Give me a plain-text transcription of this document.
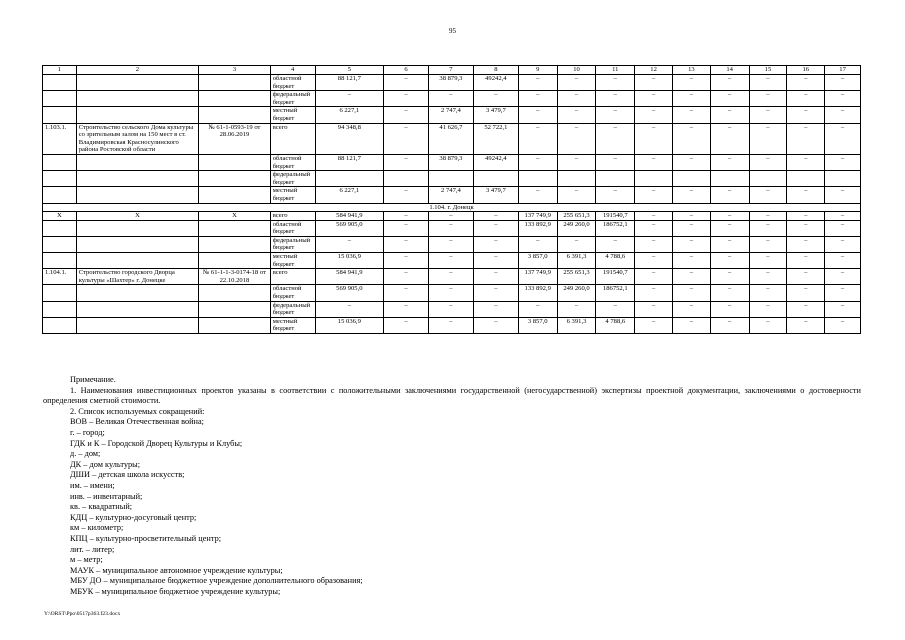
95
1	2	3	4	5	6	7	8	9	10	11	12	13	14	15	16	17
			областной бюджет	88 121,7	–	38 879,3	49242,4	–	–	–	–	–	–	–	–	–
			федеральный бюджет	–	–	–	–	–	–	–	–	–	–	–	–	–
			местный бюджет	6 227,1	–	2 747,4	3 479,7	–	–	–	–	–	–	–	–	–
1.103.1.	Строительство сельского Дома культуры со зрительным залом на 150 мест в ст. Владимировская Красносулинского района Ростовской области	№ 61-1-0593-19 от 28.06.2019	всего	94 348,8	–	41 626,7	52 722,1	–	–	–	–	–	–	–	–	–
			областной бюджет	88 121,7	–	38 879,3	49242,4	–	–	–	–	–	–	–	–	–
			федеральный бюджет													
			местный бюджет	6 227,1	–	2 747,4	3 479,7	–	–	–	–	–	–	–	–	–
1.104. г. Донецк																
Х	Х	Х	всего	584 941,9	–	–	–	137 749,9	255 651,3	191540,7	–	–	–	–	–	–
			областной бюджет	569 905,0	–	–	–	133 892,9	249 260,0	186752,1	–	–	–	–	–	–
			федеральный бюджет	–	–	–	–	–	–	–	–	–	–	–	–	–
			местный бюджет	15 036,9	–	–	–	3 857,0	6 391,3	4 788,6	–	–	–	–	–	–
1.104.1.	Строительство городского Дворца культуры «Шахтер» г. Донецке	№ 61-1-1-3-0174-18 от 22.10.2018	всего	584 941,9	–	–	–	137 749,9	255 651,3	191540,7	–	–	–	–	–	–
			областной бюджет	569 905,0	–	–	–	133 892,9	249 260,0	186752,1	–	–	–	–	–	–
			федеральный бюджет	–	–	–	–	–	–	–	–	–	–	–	–	–
			местный бюджет	15 036,9	–	–	–	3 857,0	6 391,3	4 788,6	–	–	–	–	–	–

Примечание.

1. Наименования инвестиционных проектов указаны в соответствии с положительными заключениями государственной (негосударственной) экспертизы проектной документации, заключениями о достоверности определения сметной стоимости.

2. Список используемых сокращений:

ВОВ – Великая Отечественная война;

г. – город;

ГДК и К – Городской Дворец Культуры и Клубы;

д. – дом;

ДК – дом культуры;

ДШИ – детская школа искусств;

им. – имени;

инв. – инвентарный;

кв. – квадратный;

КДЦ – культурно-досуговый центр;

км – километр;

КПЦ – культурно-просветительный центр;

лит. – литер;

м – метр;

МАУК – муниципальное автономное учреждение культуры;

МБУ ДО – муниципальное бюджетное учреждение дополнительного образования;

МБУК – муниципальное бюджетное учреждение культуры;

Y:\ORST\Ppo\0517p363.f23.docx
